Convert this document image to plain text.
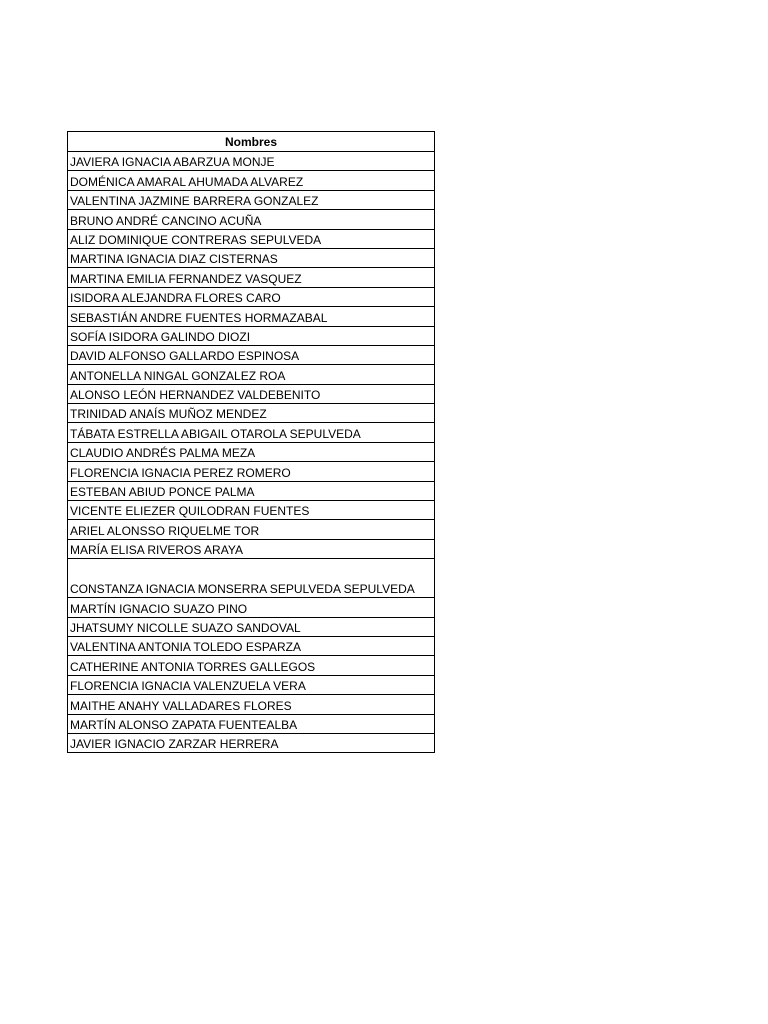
Nombres
JAVIERA IGNACIA ABARZUA MONJE
DOMÉNICA AMARAL AHUMADA ALVAREZ
VALENTINA JAZMINE BARRERA GONZALEZ
BRUNO ANDRÉ CANCINO ACUÑA
ALIZ DOMINIQUE CONTRERAS SEPULVEDA
MARTINA IGNACIA DIAZ CISTERNAS
MARTINA EMILIA FERNANDEZ VASQUEZ
ISIDORA ALEJANDRA FLORES CARO
SEBASTIÁN ANDRE FUENTES HORMAZABAL
SOFÍA ISIDORA GALINDO DIOZI
DAVID ALFONSO GALLARDO ESPINOSA
ANTONELLA NINGAL GONZALEZ ROA
ALONSO LEÓN HERNANDEZ VALDEBENITO
TRINIDAD ANAÍS MUÑOZ MENDEZ
TÁBATA ESTRELLA ABIGAIL OTAROLA SEPULVEDA
CLAUDIO ANDRÉS PALMA MEZA
FLORENCIA IGNACIA PEREZ ROMERO
ESTEBAN ABIUD PONCE PALMA
VICENTE ELIEZER QUILODRAN FUENTES
ARIEL ALONSSO RIQUELME TOR
MARÍA ELISA RIVEROS ARAYA
CONSTANZA IGNACIA MONSERRA SEPULVEDA SEPULVEDA
MARTÍN IGNACIO SUAZO PINO
JHATSUMY NICOLLE SUAZO SANDOVAL
VALENTINA ANTONIA TOLEDO ESPARZA
CATHERINE ANTONIA TORRES GALLEGOS
FLORENCIA IGNACIA VALENZUELA VERA
MAITHE ANAHY VALLADARES FLORES
MARTÍN ALONSO ZAPATA FUENTEALBA
JAVIER IGNACIO ZARZAR HERRERA
